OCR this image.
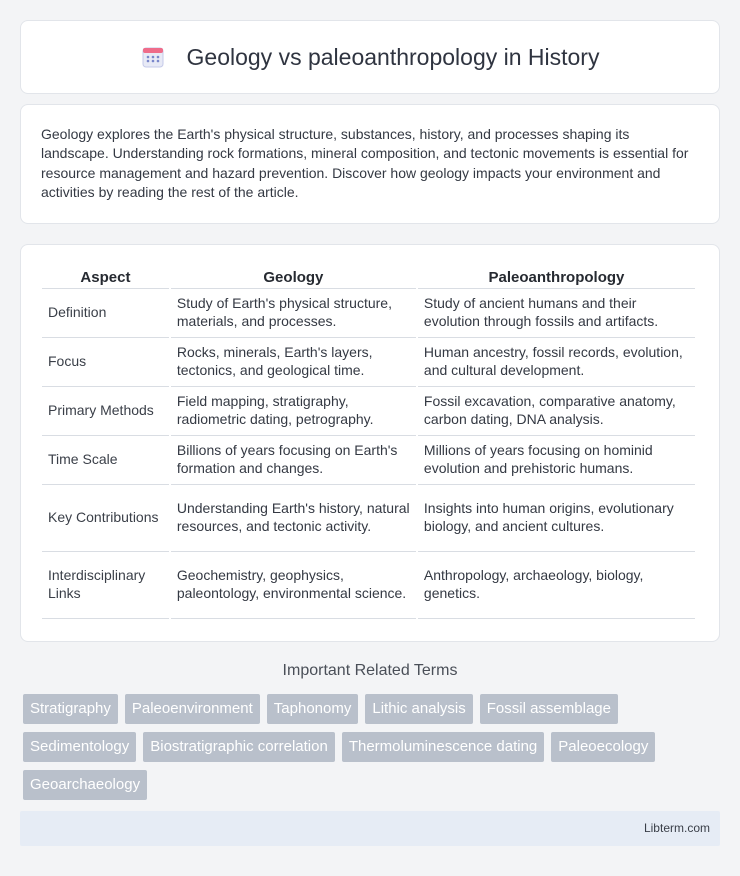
Geology vs paleoanthropology in History

Geology explores the Earth's physical structure, substances, history, and processes shaping its landscape. Understanding rock formations, mineral composition, and tectonic movements is essential for resource management and hazard prevention. Discover how geology impacts your environment and activities by reading the rest of the article.

Aspect	Geology	Paleoanthropology
Definition	Study of Earth's physical structure, materials, and processes.	Study of ancient humans and their evolution through fossils and artifacts.
Focus	Rocks, minerals, Earth's layers, tectonics, and geological time.	Human ancestry, fossil records, evolution, and cultural development.
Primary Methods	Field mapping, stratigraphy, radiometric dating, petrography.	Fossil excavation, comparative anatomy, carbon dating, DNA analysis.
Time Scale	Billions of years focusing on Earth's formation and changes.	Millions of years focusing on hominid evolution and prehistoric humans.
Key Contributions	Understanding Earth's history, natural resources, and tectonic activity.	Insights into human origins, evolutionary biology, and ancient cultures.
Interdisciplinary Links	Geochemistry, geophysics, paleontology, environmental science.	Anthropology, archaeology, biology, genetics.
Important Related Terms
Stratigraphy	Paleoenvironment	Taphonomy	Lithic analysis	Fossil assemblage
Sedimentology	Biostratigraphic correlation	Thermoluminescence dating	Paleoecology
Geoarchaeology
Libterm.com
